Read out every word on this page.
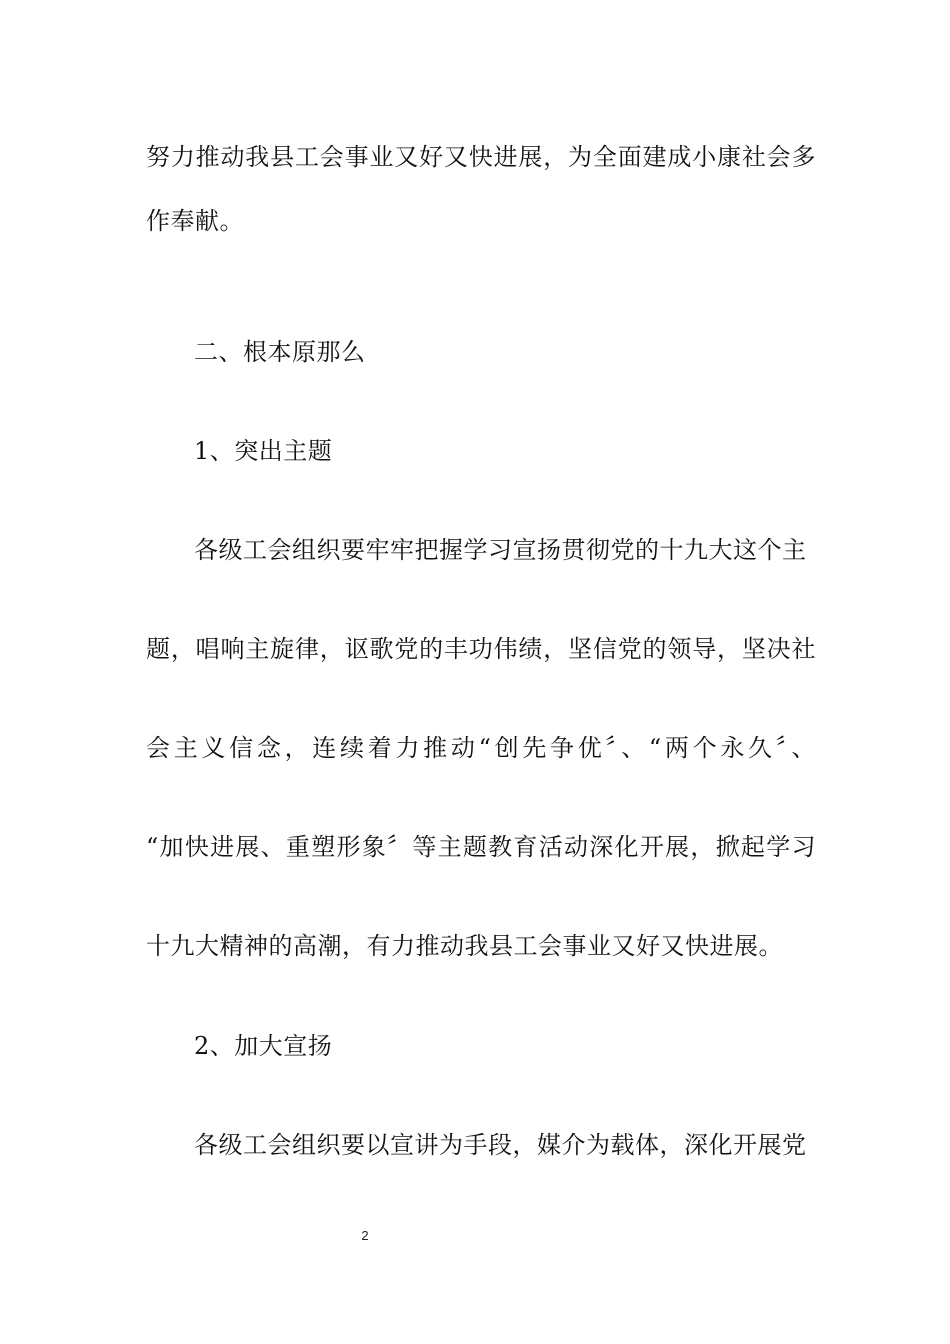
努力推动我县工会事业又好又快进展，为全面建成小康社会多
作奉献。
二、根本原那么
1、突出主题
各级工会组织要牢牢把握学习宣扬贯彻党的十九大这个主
题，唱响主旋律，讴歌党的丰功伟绩，坚信党的领导，坚决社
会主义信念，连续着力推动“创先争优〞、“两个永久〞、
“加快进展、重塑形象〞等主题教育活动深化开展，掀起学习
十九大精神的高潮，有力推动我县工会事业又好又快进展。
2、加大宣扬
各级工会组织要以宣讲为手段，媒介为载体，深化开展党
2
